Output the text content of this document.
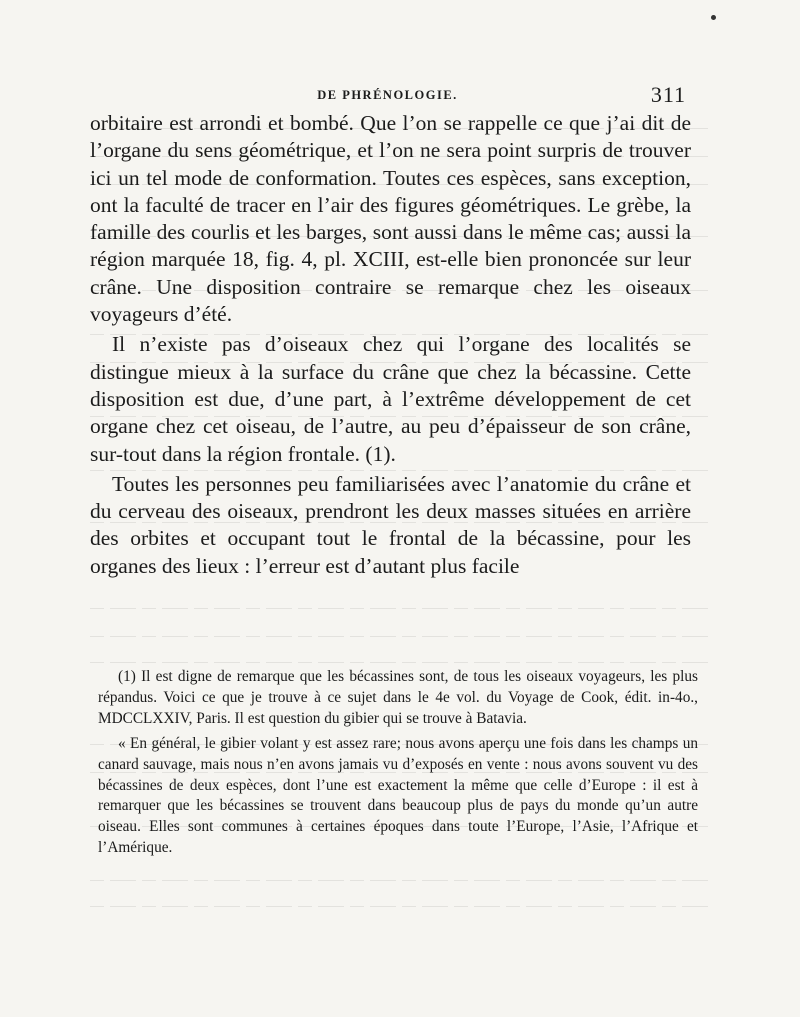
DE PHRÉNOLOGIE.	311

orbitaire est arrondi et bombé. Que l’on se rappelle ce que j’ai dit de l’organe du sens géométrique, et l’on ne sera point surpris de trouver ici un tel mode de conformation. Toutes ces espèces, sans exception, ont la faculté de tracer en l’air des figures géométriques. Le grèbe, la famille des courlis et les barges, sont aussi dans le même cas; aussi la région marquée 18, fig. 4, pl. XCIII, est-elle bien prononcée sur leur crâne. Une disposition contraire se remarque chez les oiseaux voyageurs d’été.

Il n’existe pas d’oiseaux chez qui l’organe des localités se distingue mieux à la surface du crâne que chez la bécassine. Cette disposition est due, d’une part, à l’extrême développement de cet organe chez cet oiseau, de l’autre, au peu d’épaisseur de son crâne, sur-tout dans la région frontale. (1).

Toutes les personnes peu familiarisées avec l’anatomie du crâne et du cerveau des oiseaux, prendront les deux masses situées en arrière des orbites et occupant tout le frontal de la bécassine, pour les organes des lieux : l’erreur est d’autant plus facile

(1) Il est digne de remarque que les bécassines sont, de tous les oiseaux voyageurs, les plus répandus. Voici ce que je trouve à ce sujet dans le 4e vol. du Voyage de Cook, édit. in-4o., MDCCLXXIV, Paris. Il est question du gibier qui se trouve à Batavia.

« En général, le gibier volant y est assez rare; nous avons aperçu une fois dans les champs un canard sauvage, mais nous n’en avons jamais vu d’exposés en vente : nous avons souvent vu des bécassines de deux espèces, dont l’une est exactement la même que celle d’Europe : il est à remarquer que les bécassines se trouvent dans beaucoup plus de pays du monde qu’un autre oiseau. Elles sont communes à certaines époques dans toute l’Europe, l’Asie, l’Afrique et l’Amérique.
